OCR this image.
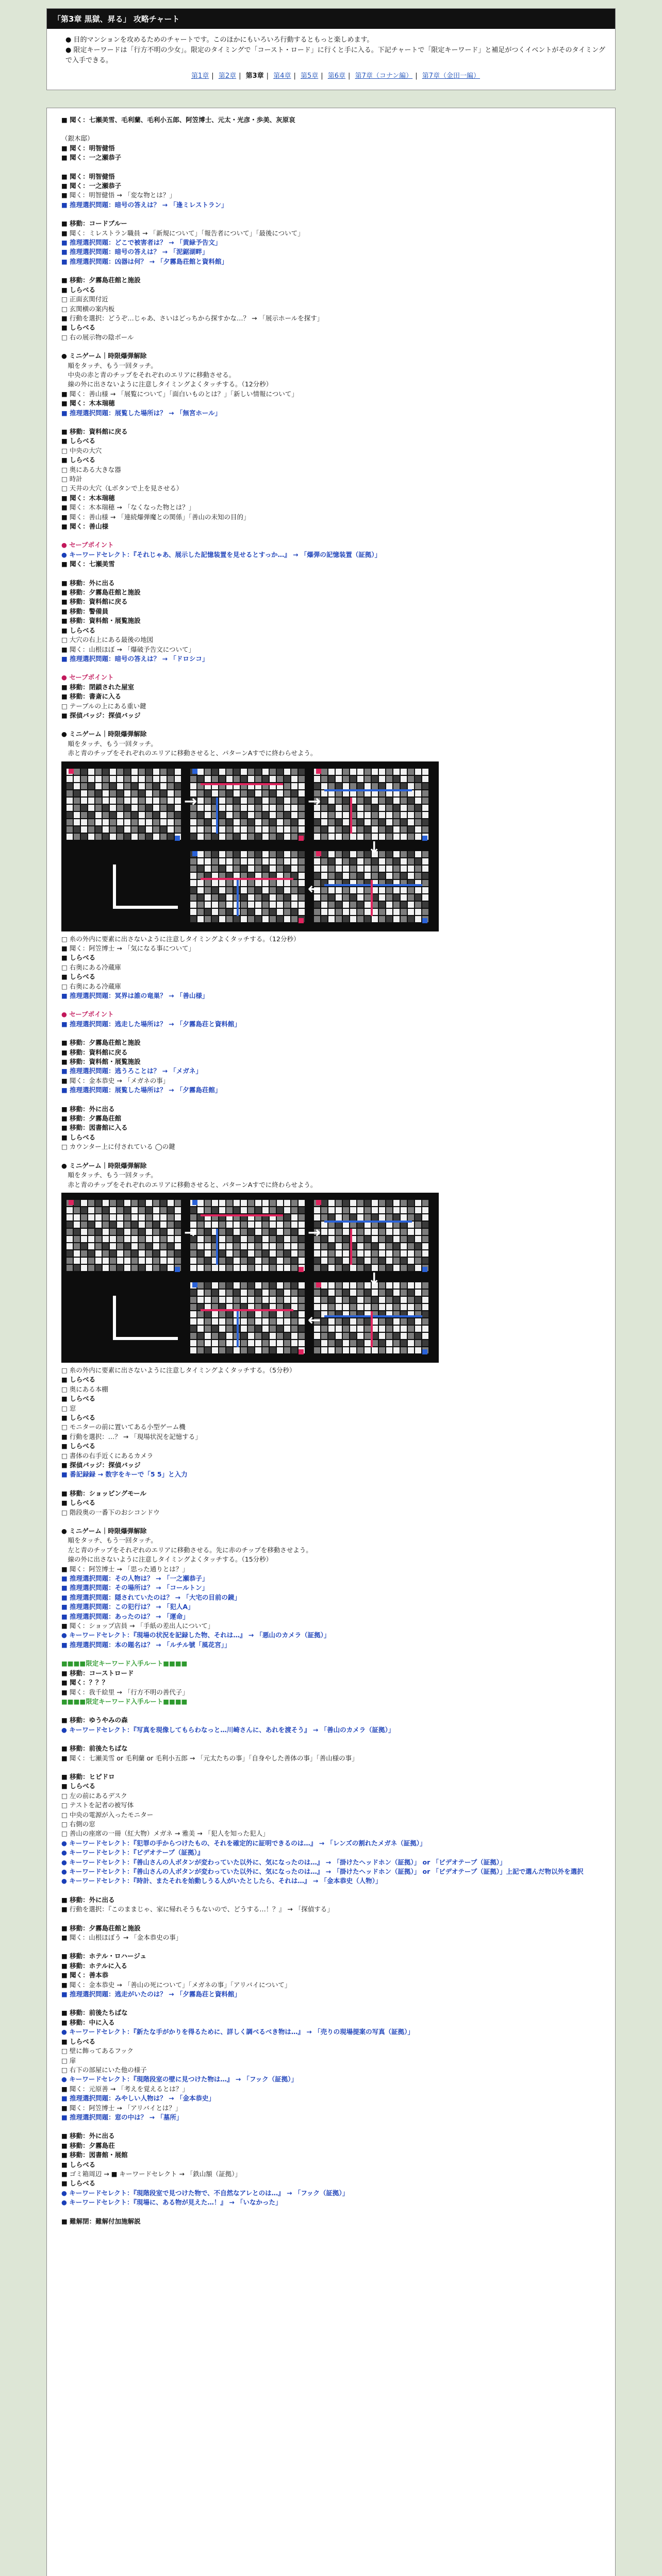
「第3章 黒獄、昇る」 攻略チャート

● 目的マンションを攻めるためのチャートです。このほかにもいろいろ行動するともっと楽しめます。

● 限定キーワードは「行方不明の少女」。限定のタイミングで「コースト・ロード」に行くと手に入る。下記チャートで「限定キーワード」と補足がつくイベントがそのタイミングで入手できる。

第1章 | 第2章 | 第3章 | 第4章 | 第5章 | 第6章 | 第7章（コナン編） | 第7章（金田一編）
■ 聞く：七瀬美雪、毛利蘭、毛利小五郎、阿笠博士、元太・光彦・歩美、灰原哀
（銀木邸）
■ 聞く：明智健悟
■ 聞く：一之瀬恭子
■ 聞く：明智健悟
■ 聞く：一之瀬恭子
■ 聞く：明智健悟 → 「変な物とは？」
■ 推理選択問題：暗号の答えは？ → 「逢ミレストラン」
■ 移動：コードブルー
■ 聞く：ミレストラン職員 → 「新規について」「報告者について」「最後について」
■ 推理選択問題：どこで被害者は？ → 「黄緑予告文」
■ 推理選択問題：暗号の答えは？ → 「泥鋸湖畔」
■ 推理選択問題：凶器は何？ → 「夕霧島荘館と資料館」
■ 移動：夕霧島荘館と施設
■ しらべる
□ 正面玄関付近
□ 玄関横の案内板
■ 行動を選択：どうぞ…じゃあ、さいはどっちから探すかな…？ → 「展示ホールを探す」
■ しらべる
□ 右の展示物の陰ボール
● ミニゲーム｜時限爆弾解除
　順をタッチ、もう一回タッチ。
　中央の赤と青のチップをそれぞれのエリアに移動させる。
　線の外に出さないように注意しタイミングよくタッチする。（12分秒）
■ 聞く：善山様 → 「展覧について」「面白いものとは？」「新しい情報について」
■ 聞く：木本瑞穂
■ 推理選択問題：展覧した場所は？ → 「無宮ホール」
■ 移動：資料館に戻る
■ しらべる
□ 中央の大穴
■ しらべる
□ 奥にある大きな器
□ 時計
□ 天井の大穴（Lボタンで上を見させる）
■ 聞く：木本瑞穂
■ 聞く：木本瑞穂 → 「なくなった物とは？」
■ 聞く：善山様 → 「連続爆弾魔との関係」「善山の未知の目的」
■ 聞く：善山様
● セーブポイント
● キーワードセレクト：『それじゃあ、展示した記憶装置を見せるとすっか…』 → 「爆弾の記憶装置（証拠）」
■ 聞く：七瀬美雪
■ 移動：外に出る
■ 移動：夕霧島荘館と施設
■ 移動：資料館に戻る
■ 移動：警備員
■ 移動：資料館・展覧施設
■ しらべる
□ 大穴の右上にある最後の地図
■ 聞く：山根ほぼ → 「爆破予告文について」
■ 推理選択問題：暗号の答えは？ → 「ドロシコ」
● セーブポイント
■ 移動：閉鎖された屋室
■ 移動：書斎に入る
□ テーブルの上にある重い鍵
■ 探偵バッジ：探偵バッジ
● ミニゲーム｜時限爆弾解除
　順をタッチ、もう一回タッチ。
　赤と青のチップをそれぞれのエリアに移動させると、パターンAすでに終わらせよう。
→	→
↓
←
□ 糸の外内に要素に出さないように注意しタイミングよくタッチする。（12分秒）
■ 聞く：阿笠博士 → 「気になる事について」
■ しらべる
□ 右奥にある冷蔵庫
■ しらべる
□ 右奥にある冷蔵庫
■ 推理選択問題：冥界は誰の竜巣？ → 「善山様」
● セーブポイント
■ 推理選択問題：逃走した場所は？ → 「夕霧島荘と資料館」
■ 移動：夕霧島荘館と施設
■ 移動：資料館に戻る
■ 移動：資料館・展覧施設
■ 推理選択問題：逃うろことは？ → 「メガネ」
■ 聞く：金本恭史 → 「メガネの事」
■ 推理選択問題：展覧した場所は？ → 「夕霧島荘館」
■ 移動：外に出る
■ 移動：夕霧島荘館
■ 移動：図書館に入る
■ しらべる
□ カウンター上に付されている ◯の鍵
● ミニゲーム｜時限爆弾解除
　順をタッチ、もう一回タッチ。
　赤と青のチップをそれぞれのエリアに移動させると、パターンAすでに終わらせよう。
→	→
↓
←
□ 糸の外内に要素に出さないように注意しタイミングよくタッチする。（5分秒）
■ しらべる
□ 奥にある本棚
■ しらべる
□ 窓
■ しらべる
□ モニターの前に置いてある小型ゲーム機
■ 行動を選択：…？ → 「現場状況を記憶する」
■ しらべる
□ 書体の右手近くにあるカメラ
■ 探偵バッジ：探偵バッジ
■ 番記録録 → 数字をキーで「5 5」と入力
■ 移動：ショッピングモール
■ しらべる
□ 階段奥の一番下のおシコンドウ
● ミニゲーム｜時限爆弾解除
　順をタッチ、もう一回タッチ。
　左と青のチップをそれぞれのエリアに移動させる。先に赤のチップを移動させよう。
　線の外に出さないように注意しタイミングよくタッチする。（15分秒）
■ 聞く：阿笠博士 → 「思った通りとは？」
■ 推理選択問題：その人物は？ → 「一之瀬恭子」
■ 推理選択問題：その場所は？ → 「コールトン」
■ 推理選択問題：隠されていたのは？ → 「大宅の目前の鏡」
■ 推理選択問題：この犯行は？ → 「犯人A」
■ 推理選択問題：あったのは？ → 「運命」
■ 聞く：ショップ店員 → 「手紙の差出人について」
● キーワードセレクト：『現場の状況を記録した物、それは…』 → 「悪山のカメラ（証拠）」
■ 推理選択問題：本の題名は？ → 「ルチル號「風花宮」」
■■■■限定キーワード入手ルート■■■■
■ 移動：コーストロード
■ 聞く：？？？
■ 聞く：我千絵里 → 「行方不明の善代子」
■■■■限定キーワード入手ルート■■■■
■ 移動：ゆうやみの森
● キーワードセレクト：『写真を現像してもらわなっと…川崎さんに、あれを渡そう』 → 「善山のカメラ（証拠）」
■ 移動：前後たちばな
■ 聞く：七瀬美雪 or 毛利蘭 or 毛利小五郎 → 「元太たちの事」「自身やした善体の事」「善山様の事」
■ 移動：ヒピドロ
■ しらべる
□ 左の前にあるデスク
□ テストを記者の被写体
□ 中央の電源が入ったモニター
□ 右側の窓
□ 善山の座席の一冊（紅大物）メガネ → 雅美 → 「犯人を知った犯人」
● キーワードセレクト：『犯罪の手からつけたもの、それを確定的に証明できるのは…』 → 「レンズの割れたメガネ（証拠）」
● キーワードセレクト：『ビデオテープ（証拠）』
● キーワードセレクト：『善山さんの人ボタンが変わっていた以外に、気になったのは…』 → 「掛けたヘッドホン（証拠）」 or 「ビデオテープ（証拠）」
● キーワードセレクト：『善山さんの人ボタンが変わっていた以外に、気になったのは…』 → 「掛けたヘッドホン（証拠）」 or 「ビデオテープ（証拠）」上記で選んだ物以外を選択
● キーワードセレクト：『時計、またそれを始動しうる人がいたとしたら、それは…』 → 「金本恭史（人物）」
■ 移動：外に出る
■ 行動を選択：『このままじゃ、家に帰れそうもないので、どうする…！？』 → 「探偵する」
■ 移動：夕霧島荘館と施設
■ 聞く：山根ほぼう → 「金本恭史の事」
■ 移動：ホテル・ロハージュ
■ 移動：ホテルに入る
■ 聞く：善本恭
■ 聞く：金本恭史 → 「善山の死について」「メガネの事」「アリバイについて」
■ 推理選択問題：逃走がいたのは？ → 「夕霧島荘と資料館」
■ 移動：前後たちばな
■ 移動：中に入る
● キーワードセレクト：『新たな手がかりを得るために、詳しく調べるべき物は…』 → 「売りの現場提案の写真（証拠）」
■ しらべる
□ 壁に飾ってあるフック
□ 扉
□ 右下の部屋にいた他の様子
● キーワードセレクト：『現階段室の壁に見つけた物は…』 → 「フック（証拠）」
■ 聞く：元原善 → 「考えを覚えるとは？」
■ 推理選択問題：みやしい人物は？ → 「金本恭史」
■ 聞く：阿笠博士 → 「アリバイとは？」
■ 推理選択問題：窓の中は？ → 「墓所」
■ 移動：外に出る
■ 移動：夕霧島荘
■ 移動：図書館・展館
■ しらべる
■ ゴミ箱周辺 → ■ キーワードセレクト → 「鉄山額（証拠）」
■ しらべる
● キーワードセレクト：『現階段室で見つけた物で、不自然なアレとのは…』 → 「フック（証拠）」
● キーワードセレクト：『現場に、ある物が見えた…！』 → 「いなかった」
■ 難解閉：難解付加施解説
